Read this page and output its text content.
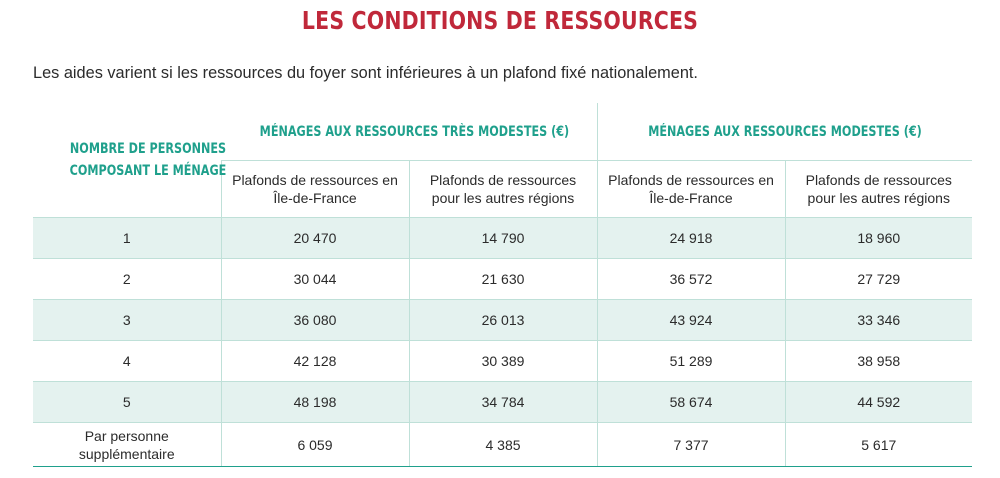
LES CONDITIONS DE RESSOURCES
Les aides varient si les ressources du foyer sont inférieures à un plafond fixé nationalement.
NOMBRE DE PERSONNES COMPOSANT LE MÉNAGE	MÉNAGES AUX RESSOURCES TRÈS MODESTES (€)		MÉNAGES AUX RESSOURCES MODESTES (€)	
	Plafonds de ressources en Île-de-France	Plafonds de ressources pour les autres régions	Plafonds de ressources en Île-de-France	Plafonds de ressources pour les autres régions
1	20 470	14 790	24 918	18 960
2	30 044	21 630	36 572	27 729
3	36 080	26 013	43 924	33 346
4	42 128	30 389	51 289	38 958
5	48 198	34 784	58 674	44 592
Par personne supplémentaire	6 059	4 385	7 377	5 617
